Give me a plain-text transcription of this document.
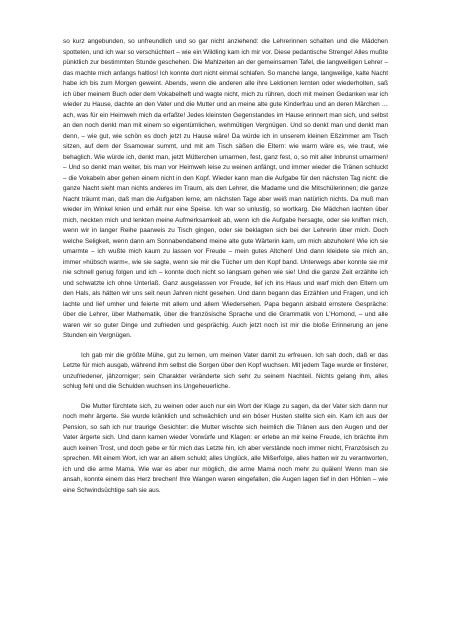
so kurz angebunden, so unfreundlich und so gar nicht anziehend: die Lehrerinnen schalten und die Mädchen spotteten, und ich war so verschüchtert – wie ein Wildling kam ich mir vor. Diese pedantische Strenge! Alles mußte pünktlich zur bestimmten Stunde geschehen. Die Mahlzeiten an der gemeinsamen Tafel, die langweiligen Lehrer – das machte mich anfangs haltlos! Ich konnte dort nicht einmal schlafen. So manche lange, langweilige, kalte Nacht habe ich bis zum Morgen geweint. Abends, wenn die anderen alle ihre Lektionen lernten oder wiederholten, saß ich über meinem Buch oder dem Vokabelheft und wagte nicht, mich zu rühren, doch mit meinen Gedanken war ich wieder zu Hause, dachte an den Vater und die Mutter und an meine alte gute Kinderfrau und an deren Märchen … ach, was für ein Heimweh mich da erfaßte! Jedes kleinsten Gegenstandes im Hause erinnert man sich, und selbst an den noch denkt man mit einem so eigentümlichen, wehmütigen Vergnügen. Und so denkt man und denkt man denn, – wie gut, wie schön es doch jetzt zu Hause wäre! Da würde ich in unserem kleinen Eßzimmer am Tisch sitzen, auf dem der Ssamowar summt, und mit am Tisch säßen die Eltern: wie warm wäre es, wie traut, wie behaglich. Wie würde ich, denkt man, jetzt Mütterchen umarmen, fest, ganz fest, o, so mit aller Inbrunst umarmen! – Und so denkt man weiter, bis man vor Heimweh leise zu weinen anfängt, und immer wieder die Tränen schluckt – die Vokabeln aber gehen einem nicht in den Kopf. Wieder kann man die Aufgabe für den nächsten Tag nicht: die ganze Nacht sieht man nichts anderes im Traum, als den Lehrer, die Madame und die Mitschülerinnen; die ganze Nacht träumt man, daß man die Aufgaben lerne, am nächsten Tage aber weiß man natürlich nichts. Da muß man wieder im Winkel knien und erhält nur eine Speise. Ich war so unlustig, so wortkarg. Die Mädchen lachten über mich, neckten mich und lenkten meine Aufmerksamkeit ab, wenn ich die Aufgabe hersagte, oder sie kniffen mich, wenn wir in langer Reihe paarweis zu Tisch gingen, oder sie beklagten sich bei der Lehrerin über mich. Doch welche Seligkeit, wenn dann am Sonnabendabend meine alte gute Wärterin kam, um mich abzuholen! Wie ich sie umarmte – ich wußte mich kaum zu lassen vor Freude – mein gutes Altchen! Und dann kleidete sie mich an, immer »hübsch warm«, wie sie sagte, wenn sie mir die Tücher um den Kopf band. Unterwegs aber konnte sie mir nie schnell genug folgen und ich – konnte doch nicht so langsam gehen wie sie! Und die ganze Zeit erzählte ich und schwatzte ich ohne Unterlaß. Ganz ausgelassen vor Freude, lief ich ins Haus und warf mich den Eltern um den Hals, als hätten wir uns seit neun Jahren nicht gesehen. Und dann begann das Erzählen und Fragen, und ich lachte und lief umher und feierte mit allem und allem Wiedersehen. Papa begann alsbald ernstere Gespräche: über die Lehrer, über Mathematik, über die französische Sprache und die Grammatik von L'Homond, – und alle waren wir so guter Dinge und zufrieden und gesprächig. Auch jetzt noch ist mir die bloße Erinnerung an jene Stunden ein Vergnügen.

Ich gab mir die größte Mühe, gut zu lernen, um meinen Vater damit zu erfreuen. Ich sah doch, daß er das Letzte für mich ausgab, während ihm selbst die Sorgen über den Kopf wuchsen. Mit jedem Tage wurde er finsterer, unzufriedener, jähzorniger; sein Charakter veränderte sich sehr zu seinem Nachteil. Nichts gelang ihm, alles schlug fehl und die Schulden wuchsen ins Ungeheuerliche.

Die Mutter fürchtete sich, zu weinen oder auch nur ein Wort der Klage zu sagen, da der Vater sich dann nur noch mehr ärgerte. Sie wurde kränklich und schwächlich und ein böser Husten stellte sich ein. Kam ich aus der Pension, so sah ich nur traurige Gesichter: die Mutter wischte sich heimlich die Tränen aus den Augen und der Vater ärgerte sich. Und dann kamen wieder Vorwürfe und Klagen: er erlebe an mir keine Freude, ich brächte ihm auch keinen Trost, und doch gebe er für mich das Letzte hin, ich aber verstände noch immer nicht, Französisch zu sprechen. Mit einem Wort, ich war an allem schuld; alles Unglück, alle Mißerfolge, alles hatten wir zu verantworten, ich und die arme Mama. Wie war es aber nur möglich, die arme Mama noch mehr zu quälen! Wenn man sie ansah, konnte einem das Herz brechen! Ihre Wangen waren eingefallen, die Augen lagen tief in den Höhlen – wie eine Schwindsüchtige sah sie aus.
